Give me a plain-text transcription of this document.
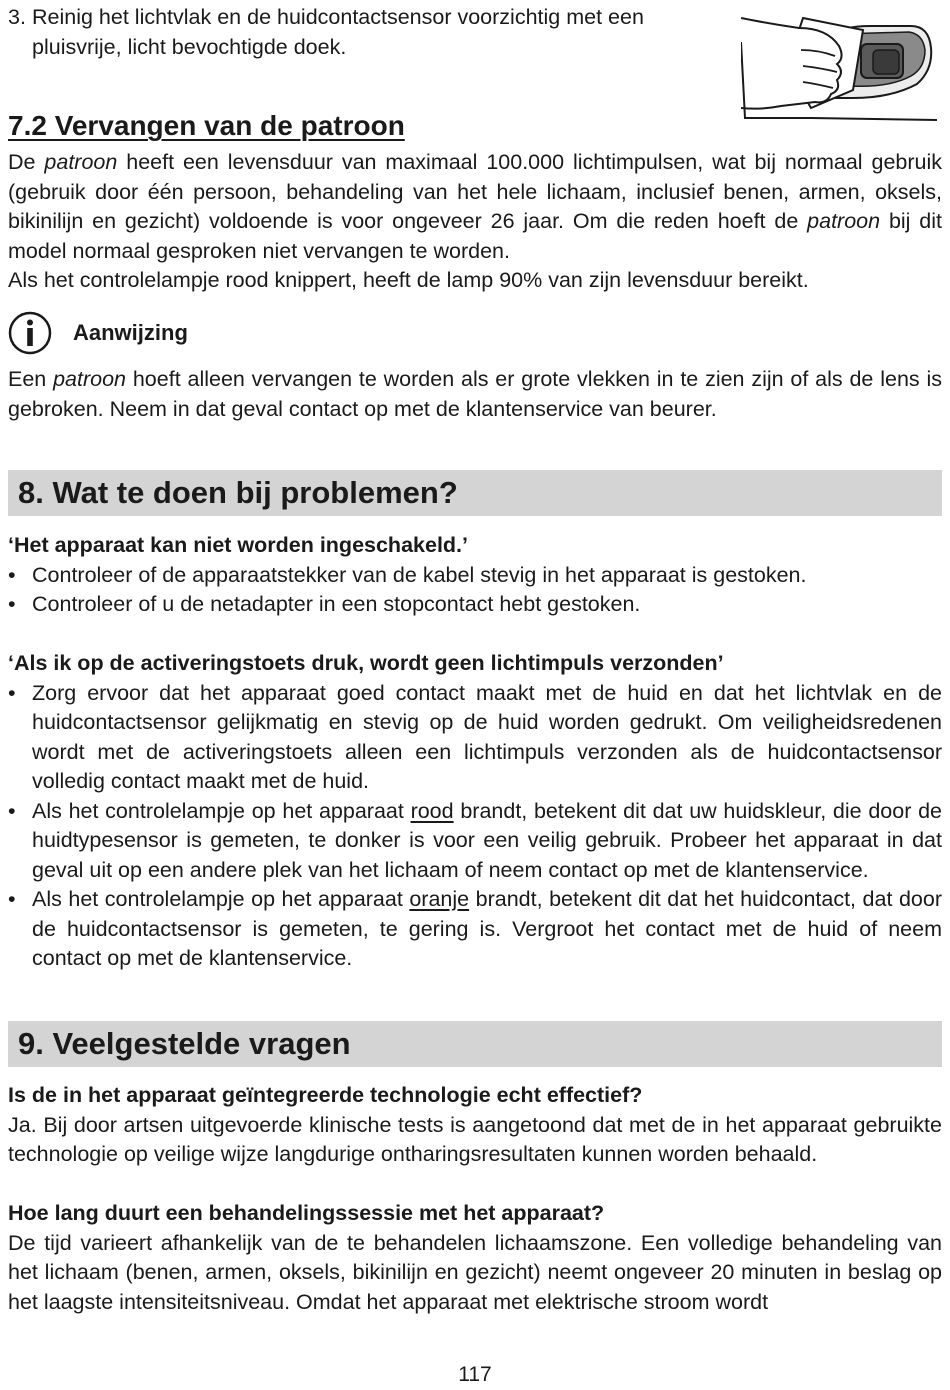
3. Reinig het lichtvlak en de huidcontactsensor voorzichtig met een pluisvrije, licht bevochtigde doek.

7.2 Vervangen van de patroon

De patroon heeft een levensduur van maximaal 100.000 lichtimpulsen, wat bij normaal gebruik (gebruik door één persoon, behandeling van het hele lichaam, inclusief benen, armen, oksels, bikinilijn en gezicht) voldoende is voor ongeveer 26 jaar. Om die reden hoeft de patroon bij dit model normaal gesproken niet vervangen te worden.

Als het controlelampje rood knippert, heeft de lamp 90% van zijn levensduur bereikt.

Aanwijzing

Een patroon hoeft alleen vervangen te worden als er grote vlekken in te zien zijn of als de lens is gebroken. Neem in dat geval contact op met de klantenservice van beurer.

8. Wat te doen bij problemen?

‘Het apparaat kan niet worden ingeschakeld.’

• Controleer of de apparaatstekker van de kabel stevig in het apparaat is gestoken.
• Controleer of u de netadapter in een stopcontact hebt gestoken.

‘Als ik op de activeringstoets druk, wordt geen lichtimpuls verzonden’

• Zorg ervoor dat het apparaat goed contact maakt met de huid en dat het lichtvlak en de huidcontactsensor gelijkmatig en stevig op de huid worden gedrukt. Om veiligheidsredenen wordt met de activeringstoets alleen een lichtimpuls verzonden als de huidcontactsensor volledig contact maakt met de huid.
• Als het controlelampje op het apparaat rood brandt, betekent dit dat uw huidskleur, die door de huidtypesensor is gemeten, te donker is voor een veilig gebruik. Probeer het apparaat in dat geval uit op een andere plek van het lichaam of neem contact op met de klantenservice.
• Als het controlelampje op het apparaat oranje brandt, betekent dit dat het huidcontact, dat door de huidcontactsensor is gemeten, te gering is. Vergroot het contact met de huid of neem contact op met de klantenservice.
9. Veelgestelde vragen

Is de in het apparaat geïntegreerde technologie echt effectief?

Ja. Bij door artsen uitgevoerde klinische tests is aangetoond dat met de in het apparaat gebruikte technologie op veilige wijze langdurige ontharingsresultaten kunnen worden behaald.

Hoe lang duurt een behandelingssessie met het apparaat?

De tijd varieert afhankelijk van de te behandelen lichaamszone. Een volledige behandeling van het lichaam (benen, armen, oksels, bikinilijn en gezicht) neemt ongeveer 20 minuten in beslag op het laagste intensiteitsniveau. Omdat het apparaat met elektrische stroom wordt

117
